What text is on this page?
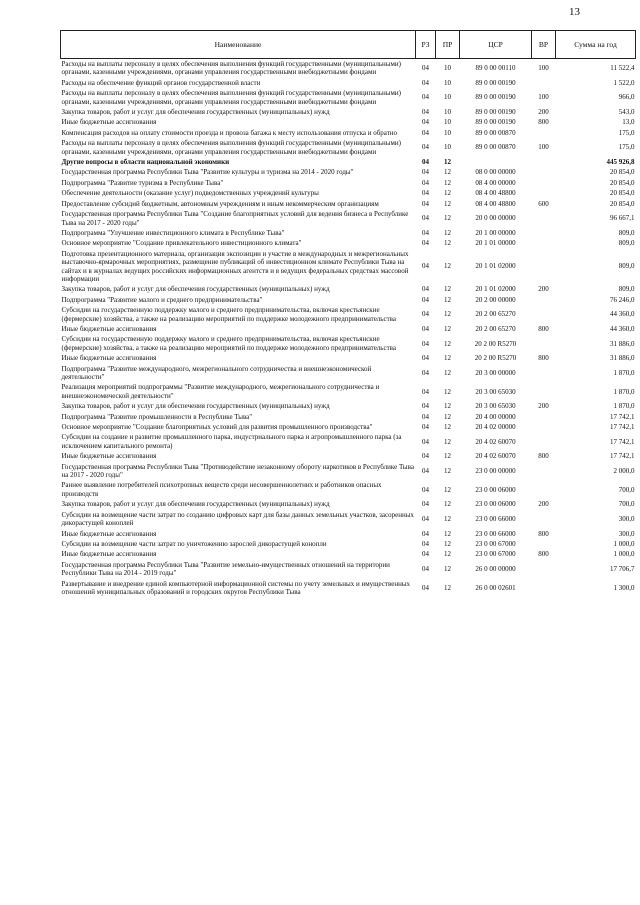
13
Наименование	РЗ	ПР	ЦСР	ВР	Сумма на год
Расходы на выплаты персоналу в целях обеспечения выполнения функций государственными (муниципальными) органами, казенными учреждениями, органами управления государственными внебюджетными фондами	04	10	89 0 00 00110	100	11 522,4
Расходы на обеспечение функций органов государственной власти	04	10	89 0 00 00190		1 522,0
Расходы на выплаты персоналу в целях обеспечения выполнения функций государственными (муниципальными) органами, казенными учреждениями, органами управления государственными внебюджетными фондами	04	10	89 0 00 00190	100	966,0
Закупка товаров, работ и услуг для обеспечения государственных (муниципальных) нужд	04	10	89 0 00 00190	200	543,0
Иные бюджетные ассигнования	04	10	89 0 00 00190	800	13,0
Компенсация расходов на оплату стоимости проезда и провоза багажа к месту использования отпуска и обратно	04	10	89 0 00 00870		175,0
Расходы на выплаты персоналу в целях обеспечения выполнения функций государственными (муниципальными) органами, казенными учреждениями, органами управления государственными внебюджетными фондами	04	10	89 0 00 00870	100	175,0
Другие вопросы в области национальной экономики	04	12			445 926,8
Государственная программа Республики Тыва "Развитие культуры и туризма на 2014 - 2020 годы"	04	12	08 0 00 00000		20 854,0
Подпрограмма "Развитие туризма в Республике Тыва"	04	12	08 4 00 00000		20 854,0
Обеспечение деятельности (оказание услуг) подведомственных учреждений культуры	04	12	08 4 00 48800		20 854,0
Предоставление субсидий бюджетным, автономным учреждениям и иным некоммерческим организациям	04	12	08 4 00 48800	600	20 854,0
Государственная программа Республики Тыва "Создание благоприятных условий для ведения бизнеса в Республике Тыва на 2017 - 2020 годы"	04	12	20 0 00 00000		96 667,1
Подпрограмма "Улучшение инвестиционного климата в Республике Тыва"	04	12	20 1 00 00000		809,0
Основное мероприятие "Создание привлекательного инвестиционного климата"	04	12	20 1 01 00000		809,0
Подготовка презентационного материала, организация экспозиции и участие в международных и межрегиональных выставочно-ярмарочных мероприятиях, размещение публикаций об инвестиционном климате Республики Тыва на сайтах и в журналах ведущих российских информационных агентств и в ведущих федеральных средствах массовой информации	04	12	20 1 01 02000		809,0
Закупка товаров, работ и услуг для обеспечения государственных (муниципальных) нужд	04	12	20 1 01 02000	200	809,0
Подпрограмма "Развитие малого и среднего предпринимательства"	04	12	20 2 00 00000		76 246,0
Субсидии на государственную поддержку малого и среднего предпринимательства, включая крестьянские (фермерские) хозяйства, а также на реализацию мероприятий по поддержке молодежного предпринимательства	04	12	20 2 00 65270		44 360,0
Иные бюджетные ассигнования	04	12	20 2 00 65270	800	44 360,0
Субсидии на государственную поддержку малого и среднего предпринимательства, включая крестьянские (фермерские) хозяйства, а также на реализацию мероприятий по поддержке молодежного предпринимательства	04	12	20 2 00 R5270		31 886,0
Иные бюджетные ассигнования	04	12	20 2 00 R5270	800	31 886,0
Подпрограмма "Развитие международного, межрегионального сотрудничества и внешнеэкономической деятельности"	04	12	20 3 00 00000		1 870,0
Реализация мероприятий подпрограммы "Развитие международного, межрегионального сотрудничества и внешнеэкономической деятельности"	04	12	20 3 00 65030		1 870,0
Закупка товаров, работ и услуг для обеспечения государственных (муниципальных) нужд	04	12	20 3 00 65030	200	1 870,0
Подпрограмма "Развитие промышленности в Республике Тыва"	04	12	20 4 00 00000		17 742,1
Основное мероприятие "Создание благоприятных условий для развития промышленного производства"	04	12	20 4 02 00000		17 742,1
Субсидии на создание и развитие промышленного парка, индустриального парка и агропромышленного парка (за исключением капитального ремонта)	04	12	20 4 02 60070		17 742,1
Иные бюджетные ассигнования	04	12	20 4 02 60070	800	17 742,1
Государственная программа Республики Тыва "Противодействие незаконному обороту наркотиков в Республике Тыва на 2017 - 2020 годы"	04	12	23 0 00 00000		2 000,0
Раннее выявление потребителей психотропных веществ среди несовершеннолетних и работников опасных производств	04	12	23 0 00 06000		700,0
Закупка товаров, работ и услуг для обеспечения государственных (муниципальных) нужд	04	12	23 0 00 06000	200	700,0
Субсидии на возмещение части затрат по созданию цифровых карт для базы данных земельных участков, засоренных дикорастущей коноплей	04	12	23 0 00 66000		300,0
Иные бюджетные ассигнования	04	12	23 0 00 66000	800	300,0
Субсидии на возмещение части затрат по уничтожению зарослей дикорастущей конопли	04	12	23 0 00 67000		1 000,0
Иные бюджетные ассигнования	04	12	23 0 00 67000	800	1 000,0
Государственная программа Республики Тыва "Развитие земельно-имущественных отношений на территории Республики Тыва на 2014 - 2019 годы"	04	12	26 0 00 00000		17 706,7
Развертывание и внедрение единой компьютерной информационной системы по учету земельных и имущественных отношений муниципальных образований и городских округов Республики Тыва	04	12	26 0 00 02601		1 300,0
